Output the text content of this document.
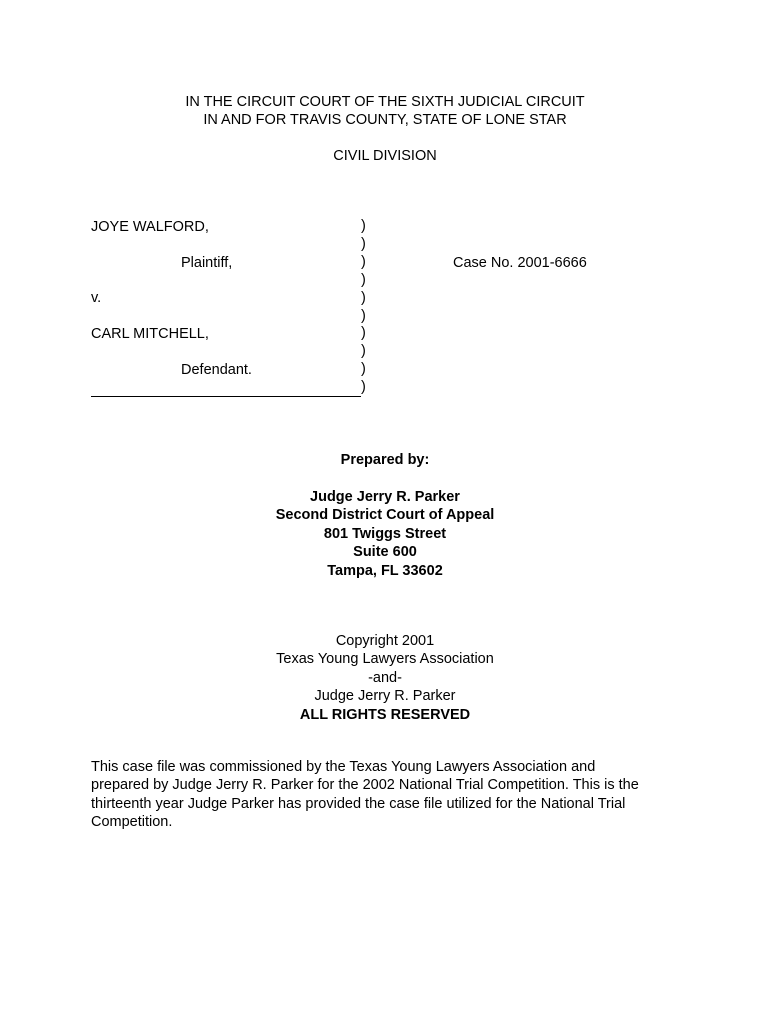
IN THE CIRCUIT COURT OF THE SIXTH JUDICIAL CIRCUIT
IN AND FOR TRAVIS COUNTY, STATE OF LONE STAR
CIVIL DIVISION
JOYE WALFORD,
Plaintiff,
v.
CARL MITCHELL,
Defendant.
)
)
)
)
)
)
)
)
)
)
Case No. 2001-6666
Prepared by:
Judge Jerry R. Parker
Second District Court of Appeal
801 Twiggs Street
Suite 600
Tampa, FL 33602
Copyright 2001
Texas Young Lawyers Association
-and-
Judge Jerry R. Parker
ALL RIGHTS RESERVED
This case file was commissioned by the Texas Young Lawyers Association and
prepared by Judge Jerry R. Parker for the 2002 National Trial Competition. This is the
thirteenth year Judge Parker has provided the case file utilized for the National Trial
Competition.
